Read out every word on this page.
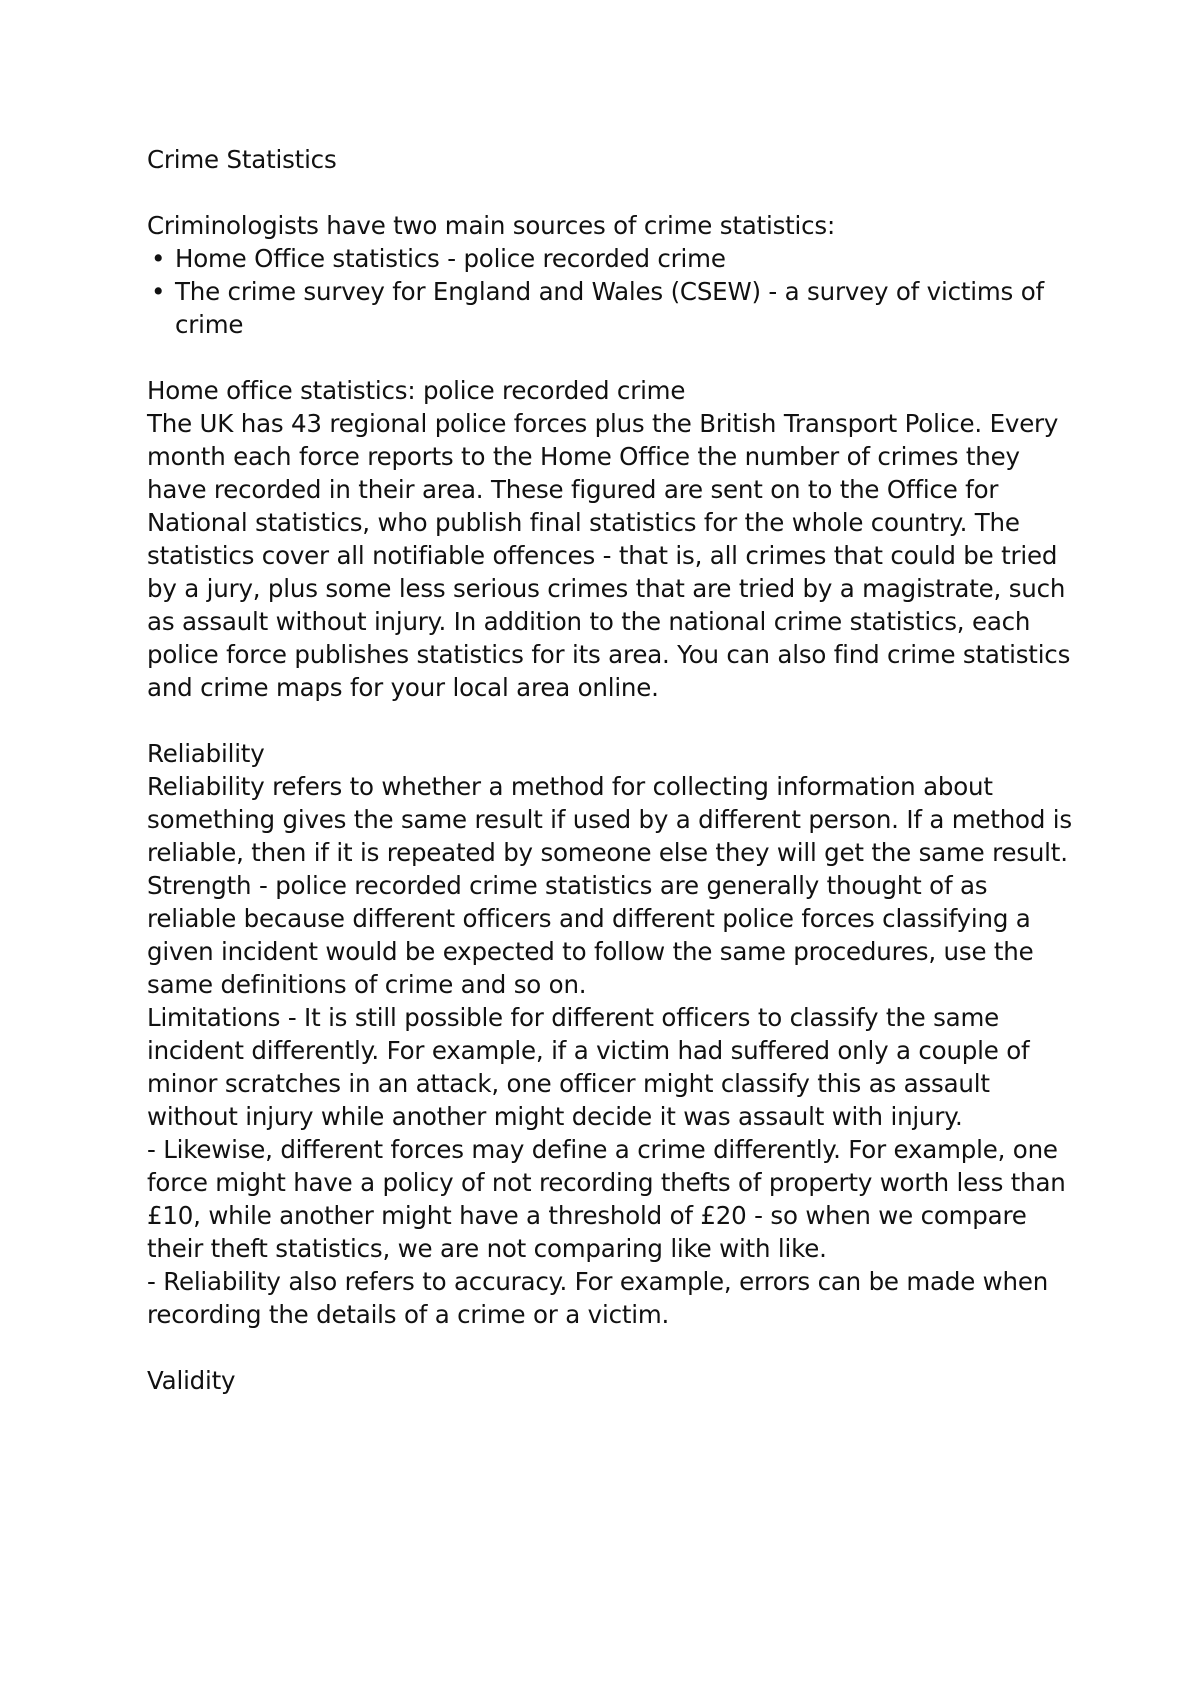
Crime Statistics

Criminologists have two main sources of crime statistics:

• Home Office statistics - police recorded crime
• The crime survey for England and Wales (CSEW) - a survey of victims of crime

Home office statistics: police recorded crime

The UK has 43 regional police forces plus the British Transport Police. Every month each force reports to the Home Office the number of crimes they have recorded in their area. These figured are sent on to the Office for National statistics, who publish final statistics for the whole country. The statistics cover all notifiable offences - that is, all crimes that could be tried by a jury, plus some less serious crimes that are tried by a magistrate, such as assault without injury. In addition to the national crime statistics, each police force publishes statistics for its area. You can also find crime statistics and crime maps for your local area online.

Reliability

Reliability refers to whether a method for collecting information about something gives the same result if used by a different person. If a method is reliable, then if it is repeated by someone else they will get the same result.

Strength - police recorded crime statistics are generally thought of as reliable because different officers and different police forces classifying a given incident would be expected to follow the same procedures, use the same definitions of crime and so on.

Limitations - It is still possible for different officers to classify the same incident differently. For example, if a victim had suffered only a couple of minor scratches in an attack, one officer might classify this as assault without injury while another might decide it was assault with injury.

- Likewise, different forces may define a crime differently. For example, one force might have a policy of not recording thefts of property worth less than £10, while another might have a threshold of £20 - so when we compare their theft statistics, we are not comparing like with like.

- Reliability also refers to accuracy. For example, errors can be made when recording the details of a crime or a victim.

Validity
